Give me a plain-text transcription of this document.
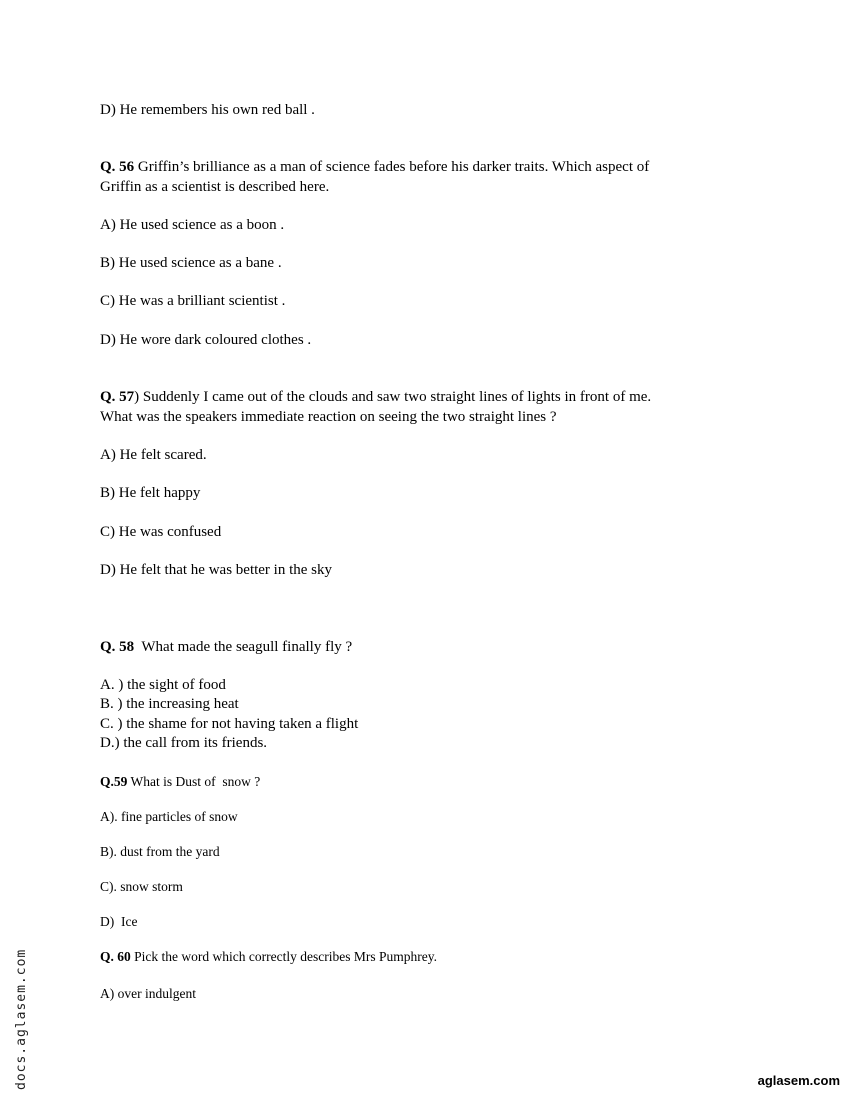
D) He remembers his own red ball .
Q. 56 Griffin’s brilliance as a man of science fades before his darker traits. Which aspect of
Griffin as a scientist is described here.
A) He used science as a boon .
B) He used science as a bane .
C) He was a brilliant scientist .
D) He wore dark coloured clothes .
Q. 57) Suddenly I came out of the clouds and saw two straight lines of lights in front of me.
What was the speakers immediate reaction on seeing the two straight lines ?
A) He felt scared.
B) He felt happy
C) He was confused
D) He felt that he was better in the sky
Q. 58  What made the seagull finally fly ?
A. ) the sight of food
B. ) the increasing heat
C. ) the shame for not having taken a flight
D.) the call from its friends.
Q.59 What is Dust of  snow ?
A). fine particles of snow
B). dust from the yard
C). snow storm
D)  Ice
Q. 60 Pick the word which correctly describes Mrs Pumphrey.
A) over indulgent
docs.aglasem.com	aglasem.com
